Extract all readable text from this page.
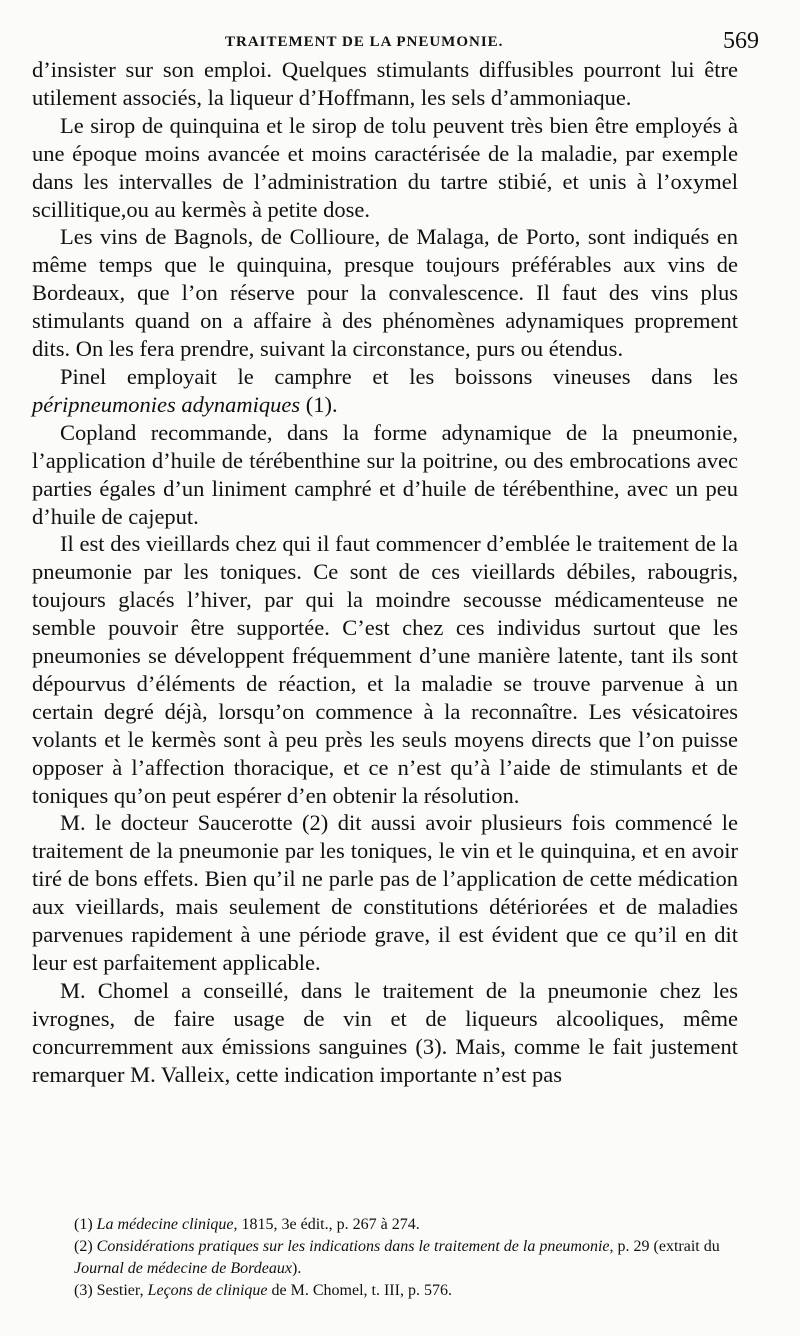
TRAITEMENT DE LA PNEUMONIE.	569

d’insister sur son emploi. Quelques stimulants diffusibles pourront lui être utilement associés, la liqueur d’Hoffmann, les sels d’ammoniaque.

Le sirop de quinquina et le sirop de tolu peuvent très bien être employés à une époque moins avancée et moins caractérisée de la maladie, par exemple dans les intervalles de l’administration du tartre stibié, et unis à l’oxymel scillitique,ou au kermès à petite dose.

Les vins de Bagnols, de Collioure, de Malaga, de Porto, sont indiqués en même temps que le quinquina, presque toujours préférables aux vins de Bordeaux, que l’on réserve pour la convalescence. Il faut des vins plus stimulants quand on a affaire à des phénomènes adynamiques proprement dits. On les fera prendre, suivant la circonstance, purs ou étendus.

Pinel employait le camphre et les boissons vineuses dans les péripneumonies adynamiques (1).

Copland recommande, dans la forme adynamique de la pneumonie, l’application d’huile de térébenthine sur la poitrine, ou des embrocations avec parties égales d’un liniment camphré et d’huile de térébenthine, avec un peu d’huile de cajeput.

Il est des vieillards chez qui il faut commencer d’emblée le traitement de la pneumonie par les toniques. Ce sont de ces vieillards débiles, rabougris, toujours glacés l’hiver, par qui la moindre secousse médicamenteuse ne semble pouvoir être supportée. C’est chez ces individus surtout que les pneumonies se développent fréquemment d’une manière latente, tant ils sont dépourvus d’éléments de réaction, et la maladie se trouve parvenue à un certain degré déjà, lorsqu’on commence à la reconnaître. Les vésicatoires volants et le kermès sont à peu près les seuls moyens directs que l’on puisse opposer à l’affection thoracique, et ce n’est qu’à l’aide de stimulants et de toniques qu’on peut espérer d’en obtenir la résolution.

M. le docteur Saucerotte (2) dit aussi avoir plusieurs fois commencé le traitement de la pneumonie par les toniques, le vin et le quinquina, et en avoir tiré de bons effets. Bien qu’il ne parle pas de l’application de cette médication aux vieillards, mais seulement de constitutions détériorées et de maladies parvenues rapidement à une période grave, il est évident que ce qu’il en dit leur est parfaitement applicable.

M. Chomel a conseillé, dans le traitement de la pneumonie chez les ivrognes, de faire usage de vin et de liqueurs alcooliques, même concurremment aux émissions sanguines (3). Mais, comme le fait justement remarquer M. Valleix, cette indication importante n’est pas

(1) La médecine clinique, 1815, 3e édit., p. 267 à 274.

(2) Considérations pratiques sur les indications dans le traitement de la pneumonie, p. 29 (extrait du Journal de médecine de Bordeaux).

(3) Sestier, Leçons de clinique de M. Chomel, t. III, p. 576.
